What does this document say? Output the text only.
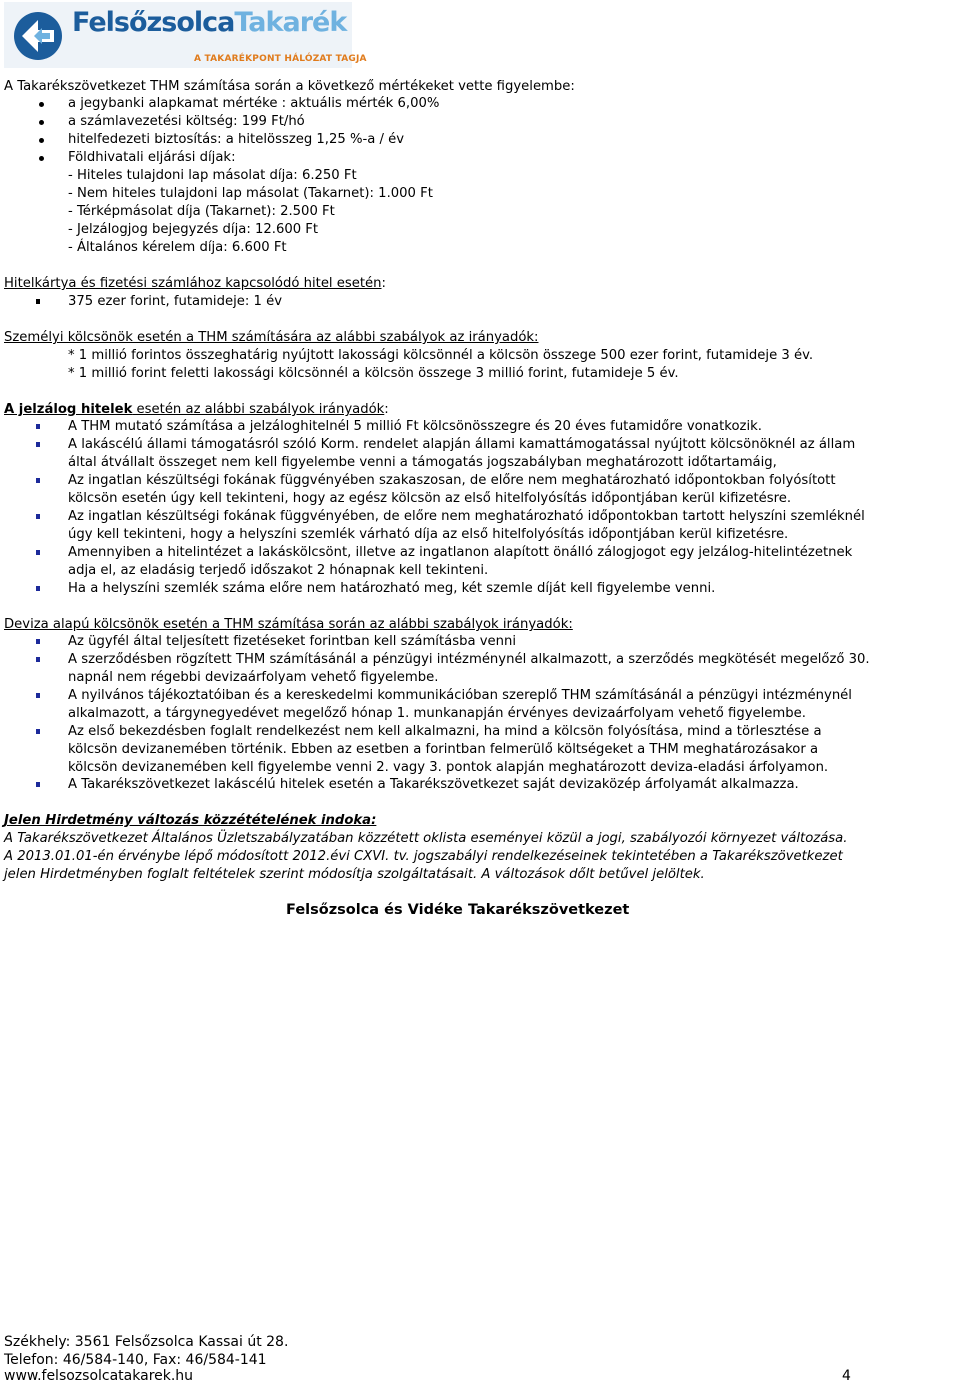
FelsőzsolcaTakarék
A TAKARÉKPONT HÁLÓZAT TAGJA
A Takarékszövetkezet THM számítása során a következő mértékeket vette figyelembe:
a jegybanki alapkamat mértéke : aktuális mérték 6,00%
a számlavezetési költség: 199 Ft/hó
hitelfedezeti biztosítás: a hitelösszeg 1,25 %-a / év
Földhivatali eljárási díjak:
- Hiteles tulajdoni lap másolat díja: 6.250 Ft
- Nem hiteles tulajdoni lap másolat (Takarnet): 1.000 Ft
- Térképmásolat díja (Takarnet): 2.500 Ft
- Jelzálogjog bejegyzés díja: 12.600 Ft
- Általános kérelem díja: 6.600 Ft
Hitelkártya és fizetési számlához kapcsolódó hitel esetén:
375 ezer forint, futamideje: 1 év
Személyi kölcsönök esetén a THM számítására az alábbi szabályok az irányadók:
* 1 millió forintos összeghatárig nyújtott lakossági kölcsönnél a kölcsön összege 500 ezer forint, futamideje 3 év.
* 1 millió forint feletti lakossági kölcsönnél a kölcsön összege 3 millió forint, futamideje 5 év.
A jelzálog hitelek esetén az alábbi szabályok irányadók:
A THM mutató számítása a jelzáloghitelnél 5 millió Ft kölcsönösszegre és 20 éves futamidőre vonatkozik.
A lakáscélú állami támogatásról szóló Korm. rendelet alapján állami kamattámogatással nyújtott kölcsönöknél az állam
által átvállalt összeget nem kell figyelembe venni a támogatás jogszabályban meghatározott időtartamáig,
Az ingatlan készültségi fokának függvényében szakaszosan, de előre nem meghatározható időpontokban folyósított
kölcsön esetén úgy kell tekinteni, hogy az egész kölcsön az első hitelfolyósítás időpontjában kerül kifizetésre.
Az ingatlan készültségi fokának függvényében, de előre nem meghatározható időpontokban tartott helyszíni szemléknél
úgy kell tekinteni, hogy a helyszíni szemlék várható díja az első hitelfolyósítás időpontjában kerül kifizetésre.
Amennyiben a hitelintézet a lakáskölcsönt, illetve az ingatlanon alapított önálló zálogjogot egy jelzálog-hitelintézetnek
adja el, az eladásig terjedő időszakot 2 hónapnak kell tekinteni.
Ha a helyszíni szemlék száma előre nem határozható meg, két szemle díját kell figyelembe venni.
Deviza alapú kölcsönök esetén a THM számítása során az alábbi szabályok irányadók:
Az ügyfél által teljesített fizetéseket forintban kell számításba venni
A szerződésben rögzített THM számításánál a pénzügyi intézménynél alkalmazott, a szerződés megkötését megelőző 30.
napnál nem régebbi devizaárfolyam vehető figyelembe.
A nyilvános tájékoztatóiban és a kereskedelmi kommunikációban szereplő THM számításánál a pénzügyi intézménynél
alkalmazott, a tárgynegyedévet megelőző hónap 1. munkanapján érvényes devizaárfolyam vehető figyelembe.
Az első bekezdésben foglalt rendelkezést nem kell alkalmazni, ha mind a kölcsön folyósítása, mind a törlesztése a
kölcsön devizanemében történik. Ebben az esetben a forintban felmerülő költségeket a THM meghatározásakor a
kölcsön devizanemében kell figyelembe venni 2. vagy 3. pontok alapján meghatározott deviza-eladási árfolyamon.
A Takarékszövetkezet lakáscélú hitelek esetén a Takarékszövetkezet saját devizaközép árfolyamát alkalmazza.
Jelen Hirdetmény változás közzétételének indoka:
A Takarékszövetkezet Általános Üzletszabályzatában közzétett oklista eseményei közül a jogi, szabályozói környezet változása.
A 2013.01.01-én érvénybe lépő módosított 2012.évi CXVI. tv. jogszabályi rendelkezéseinek tekintetében a Takarékszövetkezet
jelen Hirdetményben foglalt feltételek szerint módosítja szolgáltatásait. A változások dőlt betűvel jelöltek.
Felsőzsolca és Vidéke Takarékszövetkezet
Székhely: 3561 Felsőzsolca Kassai út 28.
Telefon: 46/584-140, Fax: 46/584-141
www.felsozsolcatakarek.hu	4
